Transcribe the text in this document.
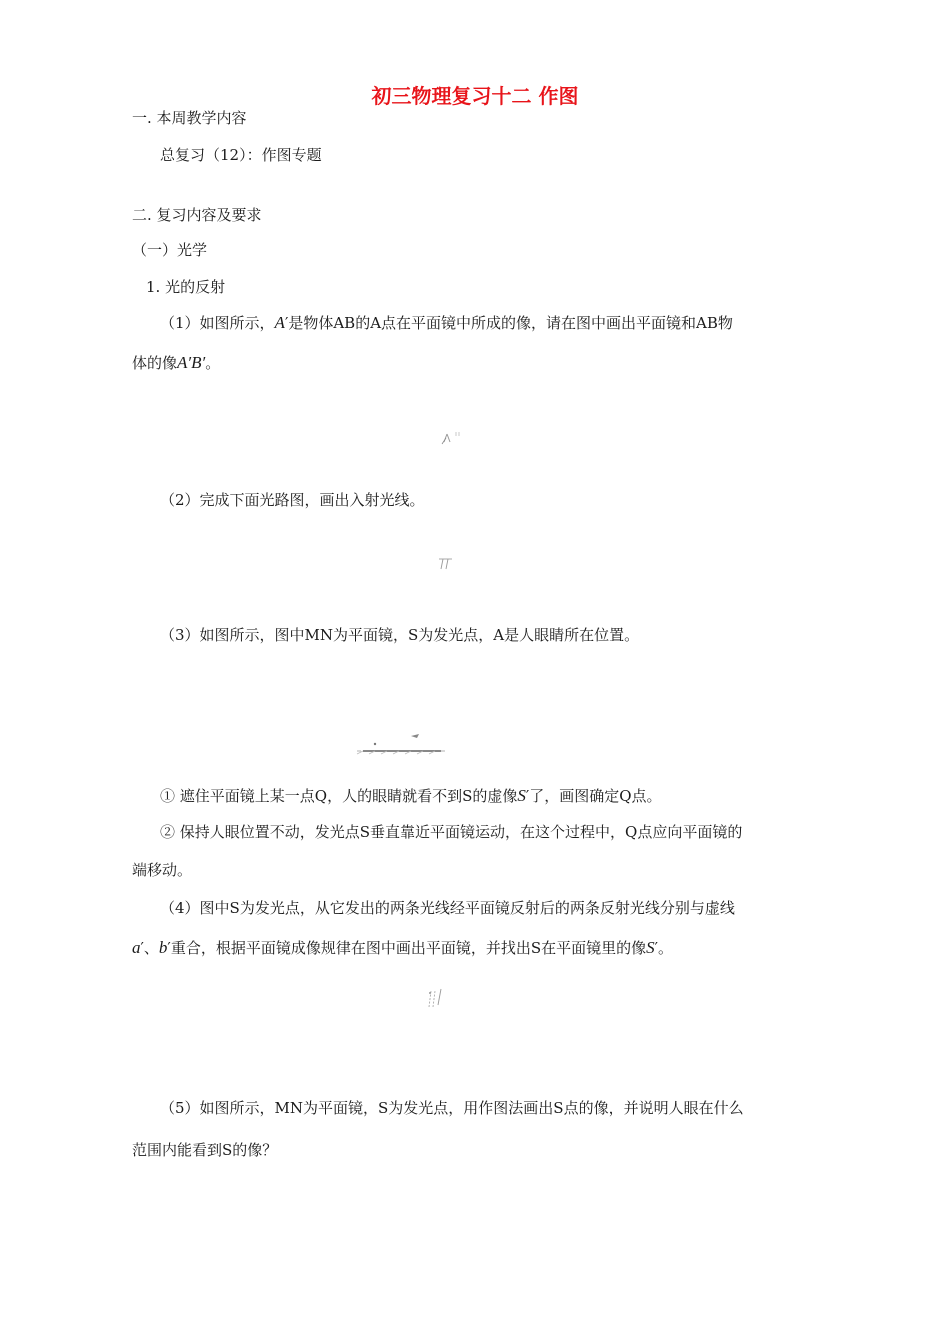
初三物理复习十二 作图
一. 本周教学内容
总复习（12）：作图专题
二. 复习内容及要求
（一）光学
1. 光的反射
（1）如图所示，A′是物体AB的A点在平面镜中所成的像，请在图中画出平面镜和AB物
体的像A′B′。
（2）完成下面光路图，画出入射光线。
（3）如图所示，图中MN为平面镜，S为发光点，A是人眼睛所在位置。
① 遮住平面镜上某一点Q，人的眼睛就看不到S的虚像S′了，画图确定Q点。
② 保持人眼位置不动，发光点S垂直靠近平面镜运动，在这个过程中，Q点应向平面镜的
端移动。
（4）图中S为发光点，从它发出的两条光线经平面镜反射后的两条反射光线分别与虚线
a′、b′重合，根据平面镜成像规律在图中画出平面镜，并找出S在平面镜里的像S′。
（5）如图所示，MN为平面镜，S为发光点，用作图法画出S点的像，并说明人眼在什么
范围内能看到S的像？
